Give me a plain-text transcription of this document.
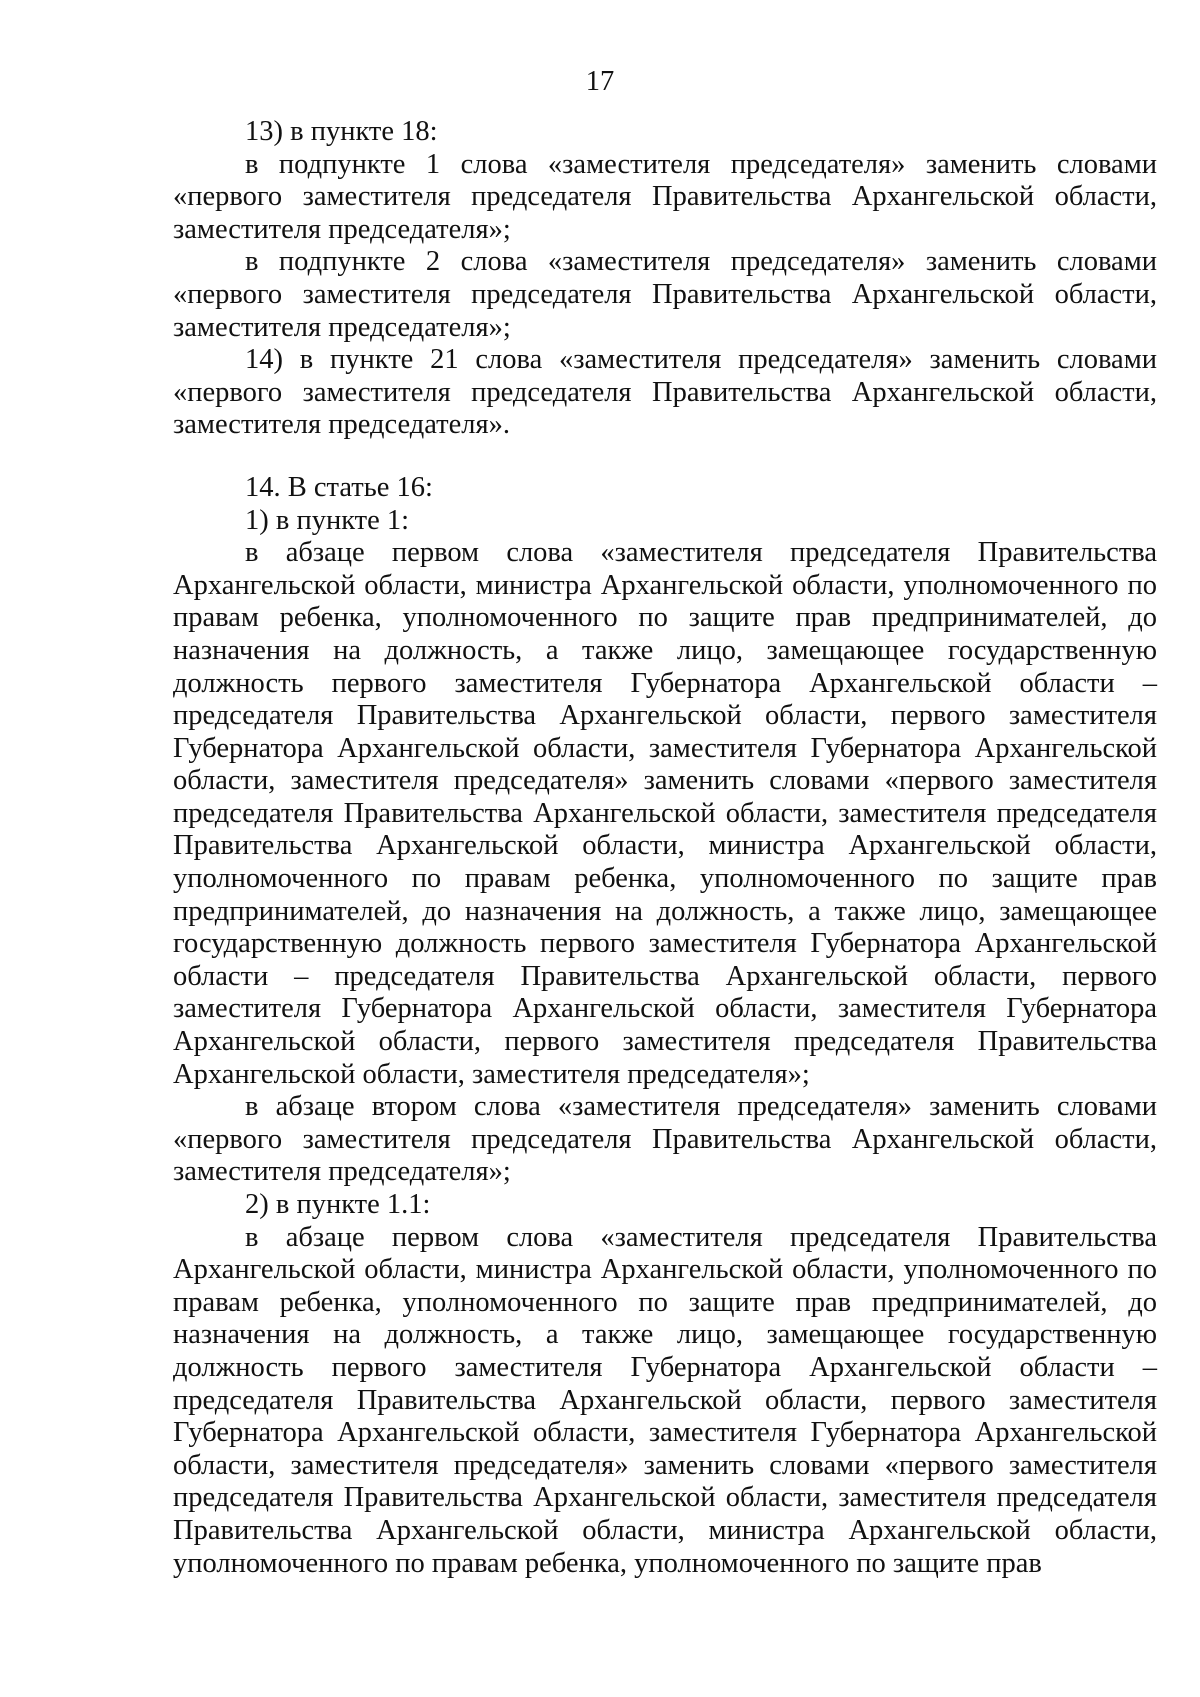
17

13) в пункте 18:

в подпункте 1 слова «заместителя председателя» заменить словами «первого заместителя председателя Правительства Архангельской области, заместителя председателя»;

в подпункте 2 слова «заместителя председателя» заменить словами «первого заместителя председателя Правительства Архангельской области, заместителя председателя»;

14) в пункте 21 слова «заместителя председателя» заменить словами «первого заместителя председателя Правительства Архангельской области, заместителя председателя».

14. В статье 16:

1) в пункте 1:

в абзаце первом слова «заместителя председателя Правительства Архангельской области, министра Архангельской области, уполномоченного по правам ребенка, уполномоченного по защите прав предпринимателей, до назначения на должность, а также лицо, замещающее государственную должность первого заместителя Губернатора Архангельской области – председателя Правительства Архангельской области, первого заместителя Губернатора Архангельской области, заместителя Губернатора Архангельской области, заместителя председателя» заменить словами «первого заместителя председателя Правительства Архангельской области, заместителя председателя Правительства Архангельской области, министра Архангельской области, уполномоченного по правам ребенка, уполномоченного по защите прав предпринимателей, до назначения на должность, а также лицо, замещающее государственную должность первого заместителя Губернатора Архангельской области – председателя Правительства Архангельской области, первого заместителя Губернатора Архангельской области, заместителя Губернатора Архангельской области, первого заместителя председателя Правительства Архангельской области, заместителя председателя»;

в абзаце втором слова «заместителя председателя» заменить словами «первого заместителя председателя Правительства Архангельской области, заместителя председателя»;

2) в пункте 1.1:

в абзаце первом слова «заместителя председателя Правительства Архангельской области, министра Архангельской области, уполномоченного по правам ребенка, уполномоченного по защите прав предпринимателей, до назначения на должность, а также лицо, замещающее государственную должность первого заместителя Губернатора Архангельской области – председателя Правительства Архангельской области, первого заместителя Губернатора Архангельской области, заместителя Губернатора Архангельской области, заместителя председателя» заменить словами «первого заместителя председателя Правительства Архангельской области, заместителя председателя Правительства Архангельской области, министра Архангельской области, уполномоченного по правам ребенка, уполномоченного по защите прав
